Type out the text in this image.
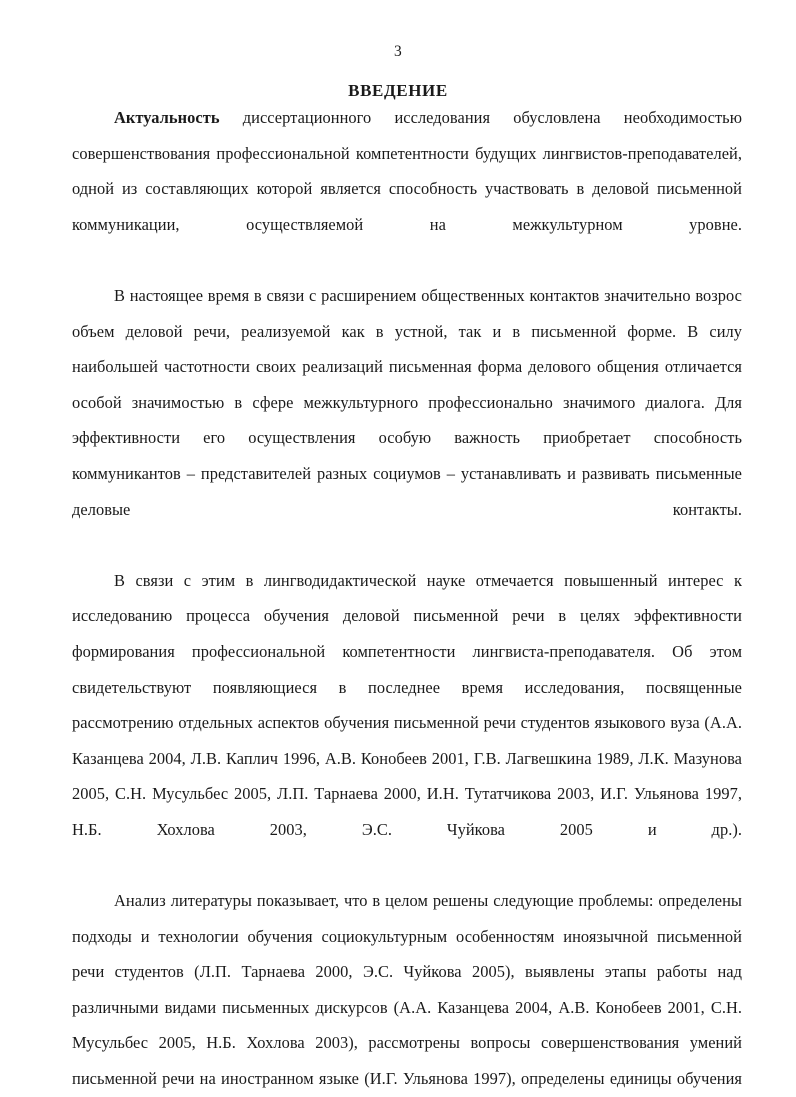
3
ВВЕДЕНИЕ

Актуальность диссертационного исследования обусловлена необходимостью совершенствования профессиональной компетентности будущих лингвистов-преподавателей, одной из составляющих которой является способность участвовать в деловой письменной коммуникации, осуществляемой на межкультурном уровне.

В настоящее время в связи с расширением общественных контактов значительно возрос объем деловой речи, реализуемой как в устной, так и в письменной форме. В силу наибольшей частотности своих реализаций письменная форма делового общения отличается особой значимостью в сфере межкультурного профессионально значимого диалога. Для эффективности его осуществления особую важность приобретает способность коммуникантов – представителей разных социумов – устанавливать и развивать письменные деловые контакты.

В связи с этим в лингводидактической науке отмечается повышенный интерес к исследованию процесса обучения деловой письменной речи в целях эффективности формирования профессиональной компетентности лингвиста-преподавателя. Об этом свидетельствуют появляющиеся в последнее время исследования, посвященные рассмотрению отдельных аспектов обучения письменной речи студентов языкового вуза (А.А. Казанцева 2004, Л.В. Каплич 1996, А.В. Конобеев 2001, Г.В. Лагвешкина 1989, Л.К. Мазунова 2005, С.Н. Мусульбес 2005, Л.П. Тарнаева 2000, И.Н. Тутатчикова 2003, И.Г. Ульянова 1997, Н.Б. Хохлова 2003, Э.С. Чуйкова 2005 и др.).

Анализ литературы показывает, что в целом решены следующие проблемы: определены подходы и технологии обучения социокультурным особенностям иноязычной письменной речи студентов (Л.П. Тарнаева 2000, Э.С. Чуйкова 2005), выявлены этапы работы над различными видами письменных дискурсов (А.А. Казанцева 2004, А.В. Конобеев 2001, С.Н. Мусульбес 2005, Н.Б. Хохлова 2003), рассмотрены вопросы совершенствования умений письменной речи на иностранном языке (И.Г. Ульянова 1997), определены единицы обучения
